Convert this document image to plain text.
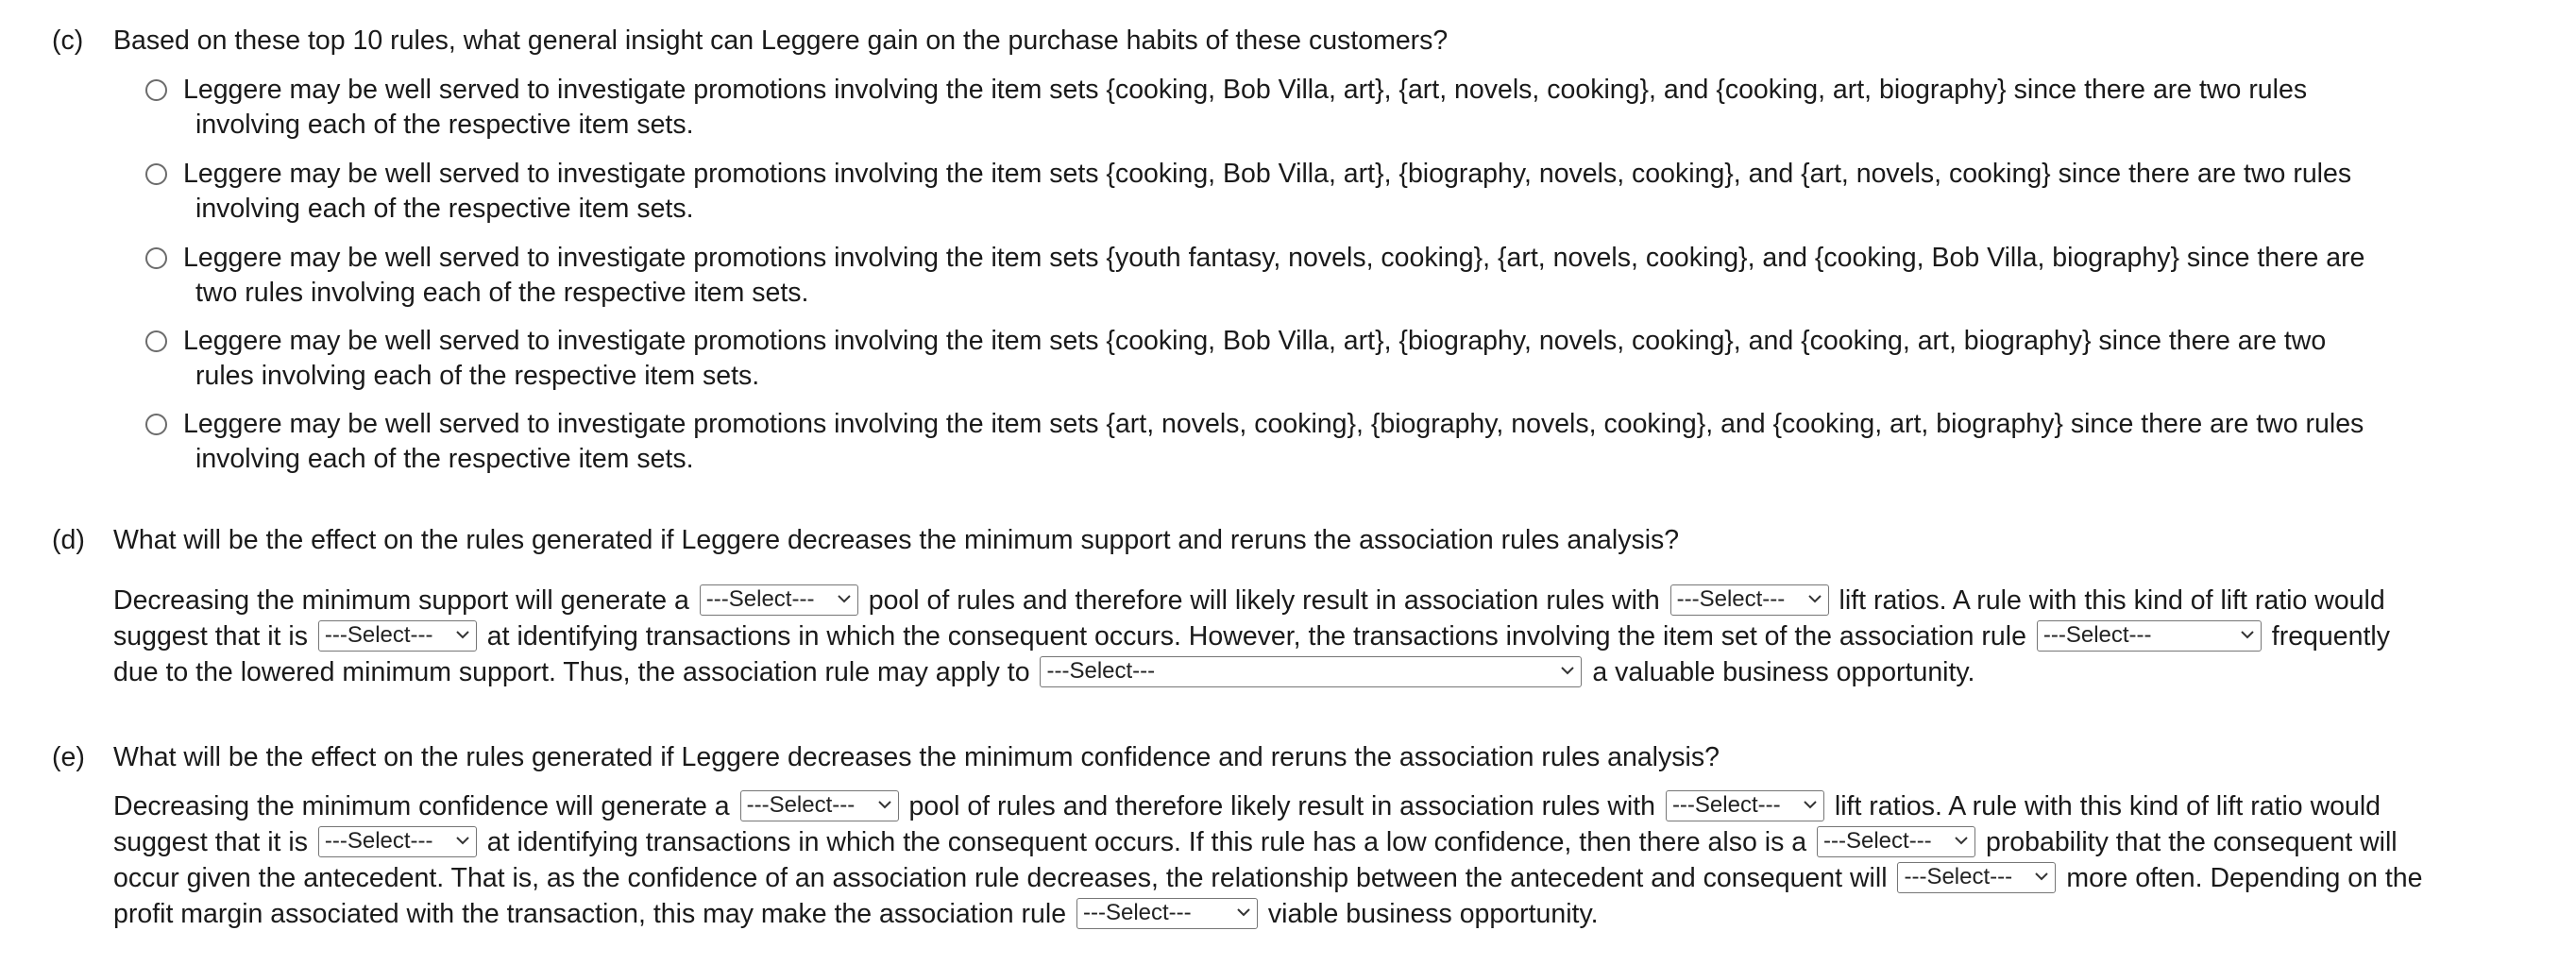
(c) Based on these top 10 rules, what general insight can Leggere gain on the purchase habits of these customers?
Leggere may be well served to investigate promotions involving the item sets {cooking, Bob Villa, art}, {art, novels, cooking}, and {cooking, art, biography} since there are two rules
involving each of the respective item sets.
Leggere may be well served to investigate promotions involving the item sets {cooking, Bob Villa, art}, {biography, novels, cooking}, and {art, novels, cooking} since there are two rules
involving each of the respective item sets.
Leggere may be well served to investigate promotions involving the item sets {youth fantasy, novels, cooking}, {art, novels, cooking}, and {cooking, Bob Villa, biography} since there are
two rules involving each of the respective item sets.
Leggere may be well served to investigate promotions involving the item sets {cooking, Bob Villa, art}, {biography, novels, cooking}, and {cooking, art, biography} since there are two
rules involving each of the respective item sets.
Leggere may be well served to investigate promotions involving the item sets {art, novels, cooking}, {biography, novels, cooking}, and {cooking, art, biography} since there are two rules
involving each of the respective item sets.
(d) What will be the effect on the rules generated if Leggere decreases the minimum support and reruns the association rules analysis?
Decreasing the minimum support will generate a ---Select--- pool of rules and therefore will likely result in association rules with ---Select--- lift ratios. A rule with this kind of lift ratio would
suggest that it is ---Select--- at identifying transactions in which the consequent occurs. However, the transactions involving the item set of the association rule ---Select---	frequently
due to the lowered minimum support. Thus, the association rule may apply to ---Select---	a valuable business opportunity.
(e) What will be the effect on the rules generated if Leggere decreases the minimum confidence and reruns the association rules analysis?
Decreasing the minimum confidence will generate a ---Select--- pool of rules and therefore likely result in association rules with ---Select--- lift ratios. A rule with this kind of lift ratio would
suggest that it is ---Select--- at identifying transactions in which the consequent occurs. If this rule has a low confidence, then there also is a ---Select--- probability that the consequent will
occur given the antecedent. That is, as the confidence of an association rule decreases, the relationship between the antecedent and consequent will ---Select--- more often. Depending on the
profit margin associated with the transaction, this may make the association rule ---Select---	viable business opportunity.
